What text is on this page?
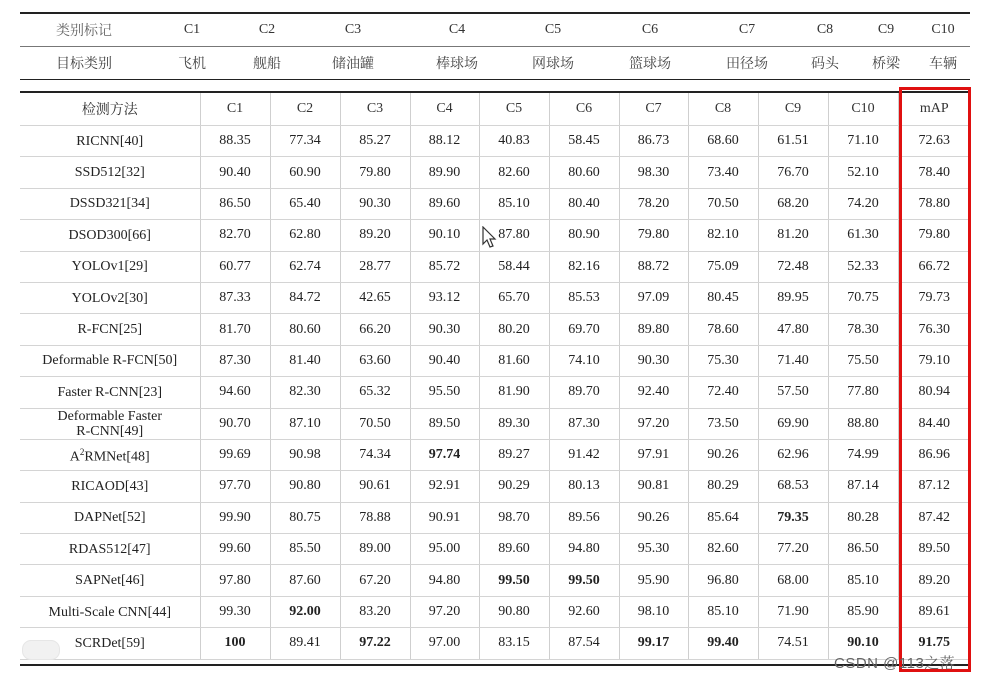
类别标记	C1	C2	C3	C4	C5	C6	C7	C8	C9	C10
目标类别	飞机	舰船	储油罐	棒球场	网球场	篮球场	田径场	码头	桥梁	车辆
检测方法	C1	C2	C3	C4	C5	C6	C7	C8	C9	C10	mAP
RICNN[40]	88.35	77.34	85.27	88.12	40.83	58.45	86.73	68.60	61.51	71.10	72.63
SSD512[32]	90.40	60.90	79.80	89.90	82.60	80.60	98.30	73.40	76.70	52.10	78.40
DSSD321[34]	86.50	65.40	90.30	89.60	85.10	80.40	78.20	70.50	68.20	74.20	78.80
DSOD300[66]	82.70	62.80	89.20	90.10	87.80	80.90	79.80	82.10	81.20	61.30	79.80
YOLOv1[29]	60.77	62.74	28.77	85.72	58.44	82.16	88.72	75.09	72.48	52.33	66.72
YOLOv2[30]	87.33	84.72	42.65	93.12	65.70	85.53	97.09	80.45	89.95	70.75	79.73
R-FCN[25]	81.70	80.60	66.20	90.30	80.20	69.70	89.80	78.60	47.80	78.30	76.30
Deformable R-FCN[50]	87.30	81.40	63.60	90.40	81.60	74.10	90.30	75.30	71.40	75.50	79.10
Faster R-CNN[23]	94.60	82.30	65.32	95.50	81.90	89.70	92.40	72.40	57.50	77.80	80.94
Deformable Faster
R-CNN[49]	90.70	87.10	70.50	89.50	89.30	87.30	97.20	73.50	69.90	88.80	84.40
$A^2RMNet[48]$	99.69	90.98	74.34	97.74	89.27	91.42	97.91	90.26	62.96	74.99	86.96
RICAOD[43]	97.70	90.80	90.61	92.91	90.29	80.13	90.81	80.29	68.53	87.14	87.12
DAPNet[52]	99.90	80.75	78.88	90.91	98.70	89.56	90.26	85.64	79.35	80.28	87.42
RDAS512[47]	99.60	85.50	89.00	95.00	89.60	94.80	95.30	82.60	77.20	86.50	89.50
SAPNet[46]	97.80	87.60	67.20	94.80	99.50	99.50	95.90	96.80	68.00	85.10	89.20
Multi-Scale CNN[44]	99.30	92.00	83.20	97.20	90.80	92.60	98.10	85.10	71.90	85.90	89.61
SCRDet[59]	100	89.41	97.22	97.00	83.15	87.54	99.17	99.40	74.51	90.10	91.75
CSDN @113之落
